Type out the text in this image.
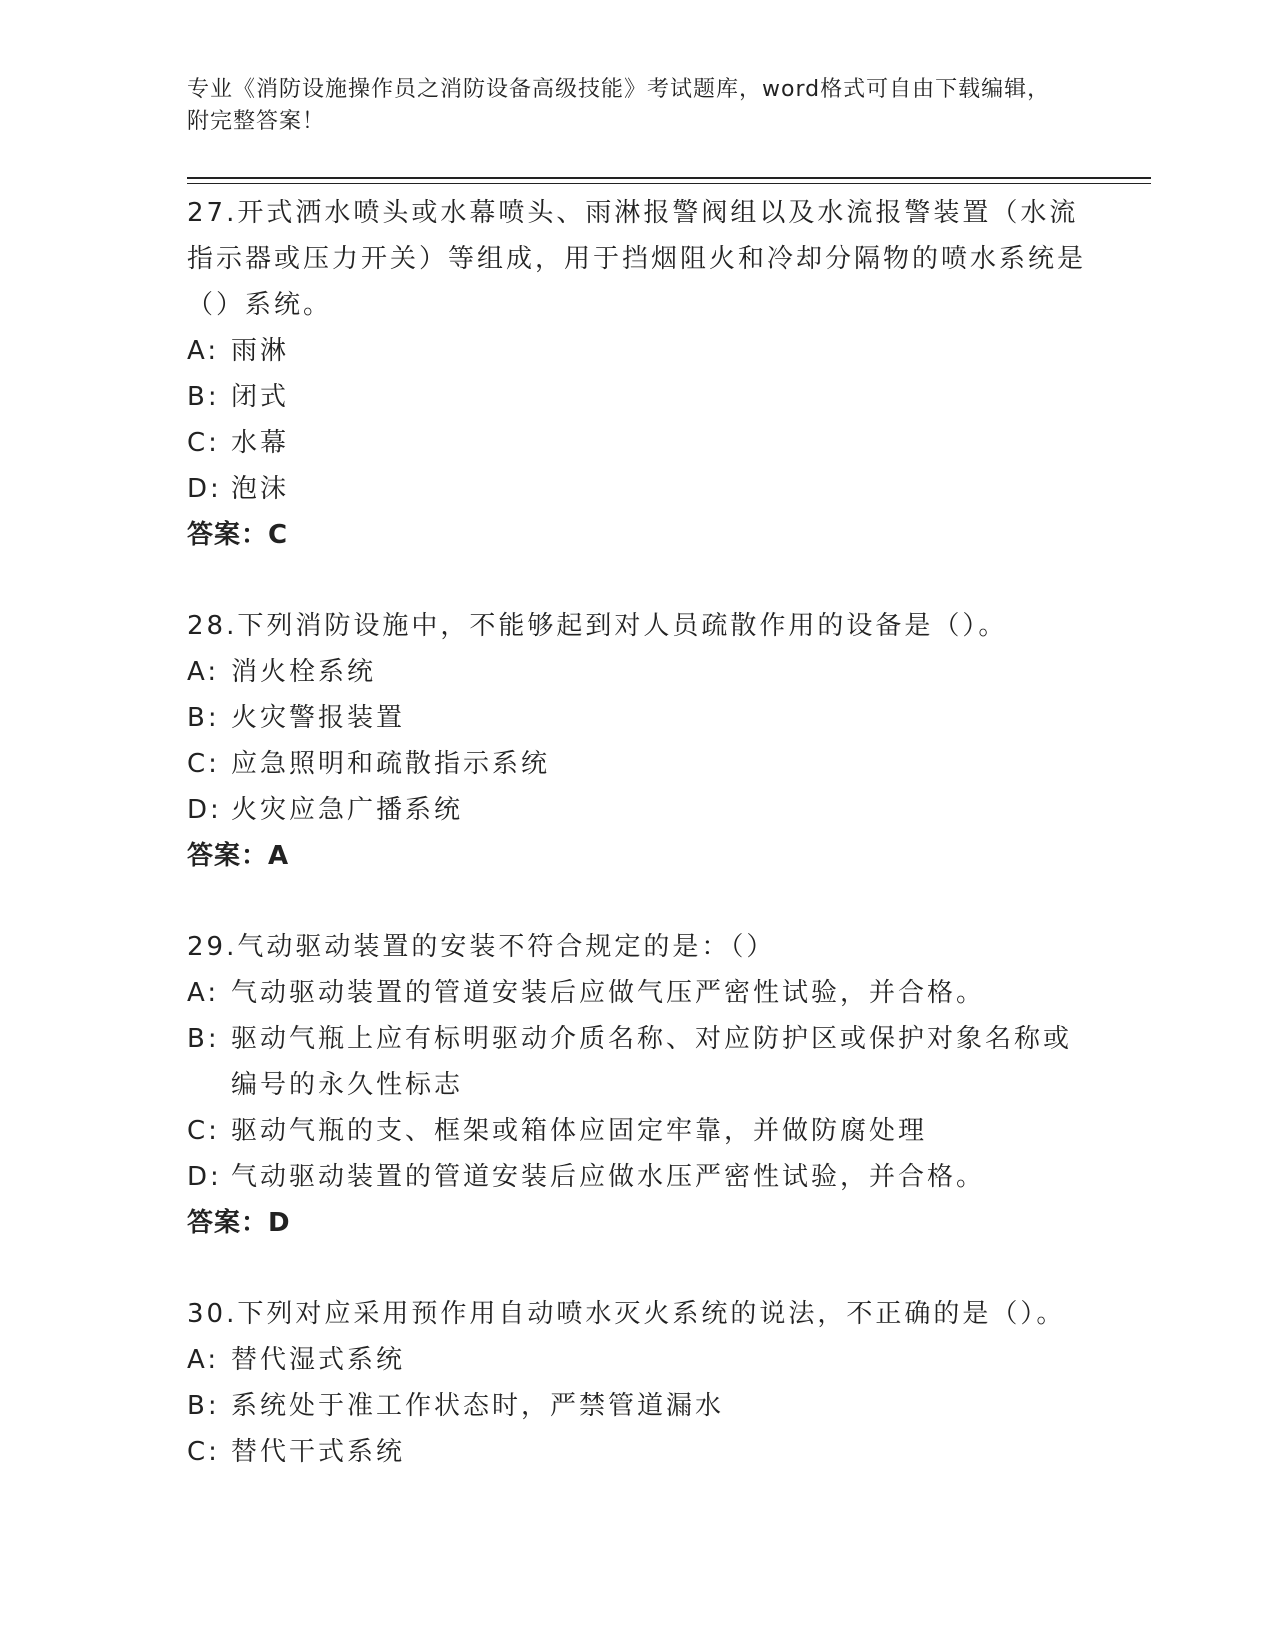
专业《消防设施操作员之消防设备高级技能》考试题库，word格式可自由下载编辑，附完整答案！
27.开式洒水喷头或水幕喷头、雨淋报警阀组以及水流报警装置（水流指示器或压力开关）等组成，用于挡烟阻火和冷却分隔物的喷水系统是（）系统。
A: 雨淋
B: 闭式
C: 水幕
D: 泡沫
答案：C
28.下列消防设施中，不能够起到对人员疏散作用的设备是（）。
A: 消火栓系统
B: 火灾警报装置
C: 应急照明和疏散指示系统
D: 火灾应急广播系统
答案：A
29.气动驱动装置的安装不符合规定的是：（）
A: 气动驱动装置的管道安装后应做气压严密性试验，并合格。
B: 驱动气瓶上应有标明驱动介质名称、对应防护区或保护对象名称或编号的永久性标志
C: 驱动气瓶的支、框架或箱体应固定牢靠，并做防腐处理
D: 气动驱动装置的管道安装后应做水压严密性试验，并合格。
答案：D
30.下列对应采用预作用自动喷水灭火系统的说法，不正确的是（）。
A: 替代湿式系统
B: 系统处于准工作状态时，严禁管道漏水
C: 替代干式系统
